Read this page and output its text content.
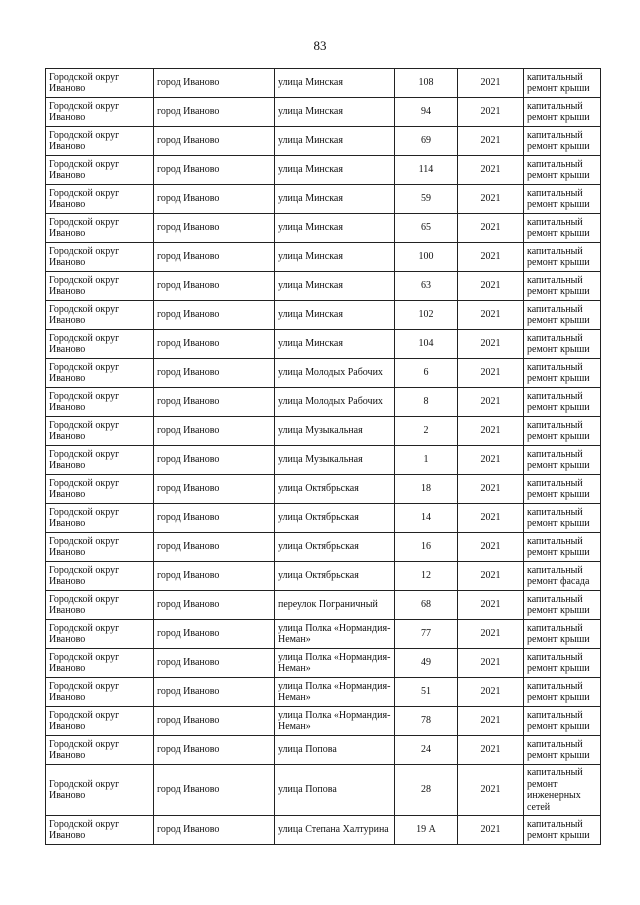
83
Городской округ Иваново	город Иваново	улица Минская	108	2021	капитальный ремонт крыши
Городской округ Иваново	город Иваново	улица Минская	94	2021	капитальный ремонт крыши
Городской округ Иваново	город Иваново	улица Минская	69	2021	капитальный ремонт крыши
Городской округ Иваново	город Иваново	улица Минская	114	2021	капитальный ремонт крыши
Городской округ Иваново	город Иваново	улица Минская	59	2021	капитальный ремонт крыши
Городской округ Иваново	город Иваново	улица Минская	65	2021	капитальный ремонт крыши
Городской округ Иваново	город Иваново	улица Минская	100	2021	капитальный ремонт крыши
Городской округ Иваново	город Иваново	улица Минская	63	2021	капитальный ремонт крыши
Городской округ Иваново	город Иваново	улица Минская	102	2021	капитальный ремонт крыши
Городской округ Иваново	город Иваново	улица Минская	104	2021	капитальный ремонт крыши
Городской округ Иваново	город Иваново	улица Молодых Рабочих	6	2021	капитальный ремонт крыши
Городской округ Иваново	город Иваново	улица Молодых Рабочих	8	2021	капитальный ремонт крыши
Городской округ Иваново	город Иваново	улица Музыкальная	2	2021	капитальный ремонт крыши
Городской округ Иваново	город Иваново	улица Музыкальная	1	2021	капитальный ремонт крыши
Городской округ Иваново	город Иваново	улица Октябрьская	18	2021	капитальный ремонт крыши
Городской округ Иваново	город Иваново	улица Октябрьская	14	2021	капитальный ремонт крыши
Городской округ Иваново	город Иваново	улица Октябрьская	16	2021	капитальный ремонт крыши
Городской округ Иваново	город Иваново	улица Октябрьская	12	2021	капитальный ремонт фасада
Городской округ Иваново	город Иваново	переулок Пограничный	68	2021	капитальный ремонт крыши
Городской округ Иваново	город Иваново	улица Полка «Нормандия-Неман»	77	2021	капитальный ремонт крыши
Городской округ Иваново	город Иваново	улица Полка «Нормандия-Неман»	49	2021	капитальный ремонт крыши
Городской округ Иваново	город Иваново	улица Полка «Нормандия-Неман»	51	2021	капитальный ремонт крыши
Городской округ Иваново	город Иваново	улица Полка «Нормандия-Неман»	78	2021	капитальный ремонт крыши
Городской округ Иваново	город Иваново	улица Попова	24	2021	капитальный ремонт крыши
Городской округ Иваново	город Иваново	улица Попова	28	2021	капитальный ремонт инженерных сетей
Городской округ Иваново	город Иваново	улица Степана Халтурина	19 А	2021	капитальный ремонт крыши
